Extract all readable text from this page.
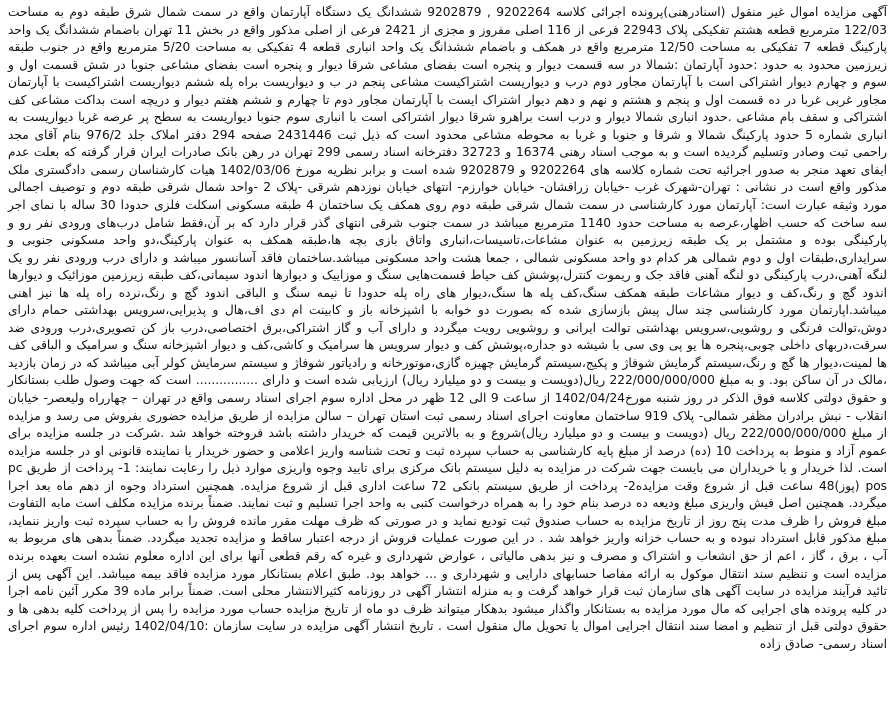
آگهی مزایده اموال غیر منقول (اسنادرهنی)پرونده اجرائی کلاسه 9202264 , 9202879 ششدانگ یک دستگاه آپارتمان واقع در سمت شمال شرق طبقه دوم به مساحت 122/03 مترمربع قطعه هشتم تفکیکی پلاک 22943 فرعی از 116 اصلی مفروز و مجزی از 2421 فرعی از اصلی مذکور واقع در بخش 11 تهران باضمام ششدانگ یک واحد پارکینگ قطعه 7 تفکیکی به مساحت 12/50 مترمربع واقع در همکف و باضمام ششدانگ یک واحد انباری قطعه 4 تفکیکی به مساحت 5/20 مترمربع واقع در جنوب طبقه زیرزمین محدود به حدود :حدود آپارتمان :شمالا در سه قسمت دیوار و پنجره است بفضای مشاعی شرقا دیوار و پنجره است بفضای مشاعی جنوبا در شش قسمت اول و سوم و چهارم دیوار اشتراکی است با آپارتمان مجاور دوم درب و دیواریست اشتراکیست مشاعی پنجم در ب و دیواریست براه پله ششم دیواریست اشتراکیست با آپارتمان مجاور غربی غربا در ده قسمت اول و پنجم و هشتم و نهم و دهم دیوار اشتراک ایست با آپارتمان مجاور دوم تا چهارم و ششم هفتم دیوار و دریچه است بداکت مشاعی کف اشتراکی و سقف بام مشاعی .حدود انباری شمالا دیوار و درب است براهرو شرقا دیوار اشتراکی است با انباری سوم جنوبا دیواریست به سطح پر عرصه غربا دیواریست به انباری شماره 5 حدود پارکینگ شمالا و شرقا و جنوبا و غربا به محوطه مشاعی محدود است که ذیل ثبت 2431446 صفحه 294 دفتر املاک جلد 976/2 بنام آقای مجد راحمی ثبت وصادر وتسلیم گردیده است و به موجب اسناد رهنی 16374 و 32723 دفترخانه اسناد رسمی 299 تهران در رهن بانک صادرات ایران قرار گرفته که بعلت عدم ایفای تعهد منجر به صدور اجرائیه تحت شماره کلاسه های 9202264 و 9202879 شده است و برابر نظریه مورخ 1402/03/06 هیات کارشناسان رسمی دادگستری ملک مذکور واقع است در نشانی : تهران-شهرک غرب -خیابان زرافشان- خیابان خوارزم- انتهای خیابان نوزدهم شرقی -پلاک 2 -واحد شمال شرقی طبقه دوم و توصیف اجمالی مورد وثیقه عبارت است: آپارتمان مورد کارشناسی در سمت شمال شرقی طبقه دوم روی همکف یک ساختمان 4 طبقه مسکونی اسکلت فلزی حدودا 30 ساله با نمای اجر سه ساخت که حسب اظهار،عرصه به مساحت حدود 1140 مترمربع میباشد در سمت جنوب شرقی انتهای گذر قرار دارد که بر آن،فقط شامل درب‌های ورودی نفر رو و پارکینگی بوده و مشتمل بر یک طبقه زیرزمین به عنوان مشاعات،تاسیسات،انباری واتاق بازی بچه ها،طبقه همکف به عنوان پارکینگ،دو واحد مسکونی جنوبی و سرایداری،طبقات اول و دوم شمالی هر کدام دو واحد مسکونی شمالی ، جمعا هشت واحد مسکونی میباشد.ساختمان فاقد آسانسور میباشد و دارای درب ورودی نفر رو یک لنگه آهنی،درب پارکینگی دو لنگه آهنی فاقد جک و ریموت کنترل،پوشش کف حیاط قسمت‌هایی سنگ و موزاییک و دیوارها اندود سیمانی،کف طبقه زیرزمین موزائیک و دیوارها اندود گچ و رنگ،کف و دیوار مشاعات طبقه همکف سنگ،کف پله ها سنگ،دیوار های راه پله حدودا تا نیمه سنگ و الباقی اندود گچ و رنگ،نرده راه پله ها نیز اهنی میباشد.اپارتمان مورد کارشناسی چند سال پیش بازسازی شده که بصورت دو خوابه با اشپزخانه باز و کابینت ام دی اف،هال و پذیرایی،سرویس بهداشتی حمام دارای دوش،توالت فرنگی و روشویی،سرویس بهداشتی توالت ایرانی و روشویی رویت میگردد و دارای آب و گاز اشتراکی،برق اختصاصی،درب باز کن تصویری،درب ورودی ضد سرقت،دربهای داخلی چوبی،پنجره ها یو پی وی سی با شیشه دو جداره،پوشش کف و دیوار سرویس ها سرامیک و کاشی،کف و دیوار اشپزخانه سنگ و سرامیک و الباقی کف ها لمینت،دیوار ها گچ و رنگ،سیستم گرمایش شوفاژ و پکیج،سیستم گرمایش چهیزه گازی،موتورخانه و رادیاتور شوفاژ و سیستم سرمایش کولر آبی میباشد که در زمان بازدید ،مالک در آن ساکن بود. و به مبلغ 222/000/000/000 ریال(دویست و بیست و دو میلیارد ریال) ارزیابی شده است و دارای ................ است که جهت وصول طلب بستانکار و حقوق دولتی کلاسه فوق الذکر در روز شنبه مورخ1402/04/24 از ساعت 9 الی 12 ظهر در محل اداره سوم اجرای اسناد رسمی واقع در تهران – چهارراه ولیعصر- خیابان انقلاب - نبش برادران مظفر شمالی- پلاک 919 ساختمان معاونت اجرای اسناد رسمی ثبت استان تهران – سالن مزایده از طریق مزایده حضوری بفروش می رسد و مزایده از مبلغ 222/000/000/000 ریال (دویست و بیست و دو میلیارد ریال)شروع و به بالاترین قیمت که خریدار داشته باشد فروخته خواهد شد .شرکت در جلسه مزایده برای عموم آزاد و منوط به پرداخت 10 (ده) درصد از مبلغ پایه کارشناسی به حساب سپرده ثبت و تحت شناسه واریز اعلامی و حضور خریدار یا نماینده قانونی او در جلسه مزایده است. لذا خریدار و یا خریداران می بایست جهت شرکت در مزایده به دلیل سیستم بانک مرکزی برای تایید وجوه واریزی موارد ذیل را رعایت نمایند: 1- پرداخت از طریق pc pos (پوز)48 ساعت قبل از شروع وقت مزایده2- پرداخت از طریق سیستم بانکی 72 ساعت اداری قبل از شروع مزایده. همچنین استرداد وجوه از دهم ماه بعد اجرا میگردد. همچنین اصل فیش واریزی مبلغ ودیعه ده درصد بنام خود را به همراه درخواست کتبی به واحد اجرا تسلیم و ثبت نمایند. ضمناً برنده مزایده مکلف است مابه التفاوت مبلغ فروش را ظرف مدت پنج روز از تاریخ مزایده به حساب صندوق ثبت تودیع نماید و در صورتی که ظرف مهلت مقرر مانده فروش را به حساب سپرده ثبت واریز ننماید، مبلغ مذکور قابل استرداد نبوده و به حساب خزانه واریز خواهد شد . در این صورت عملیات فروش از درجه اعتبار ساقط و مزایده تجدید میگردد. ضمناً بدهی های مربوط به آب ، برق ، گاز ، اعم از حق انشعاب و اشتراک و مصرف و نیز بدهی مالیاتی ، عوارض شهرداری و غیره که رقم قطعی آنها برای این اداره معلوم نشده است بعهده برنده مزایده است و تنظیم سند انتقال موکول به ارائه مفاصا حسابهای دارایی و شهرداری و ... خواهد بود. طبق اعلام بستانکار مورد مزایده فاقد بیمه میباشد. این آگهی پس از تائید فرآیند مزایده در سایت آگهی های سازمان ثبت قرار خواهد گرفت و به منزله انتشار آگهی در روزنامه کثیرالانتشار محلی است. ضمناً برابر ماده 39 مکرر آئین نامه اجرا در کلیه پرونده های اجرایی که مال مورد مزایده به بستانکار واگذار میشود بدهکار میتواند ظرف دو ماه از تاریخ مزایده حساب مورد مزایده را پس از پرداخت کلیه بدهی ها و حقوق دولتی قبل از تنظیم و امضا سند انتقال اجرایی اموال یا تحویل مال منقول است . تاریخ انتشار آگهی مزایده در سایت سازمان :1402/04/10 رئیس اداره سوم اجرای اسناد رسمی- صادق زاده
